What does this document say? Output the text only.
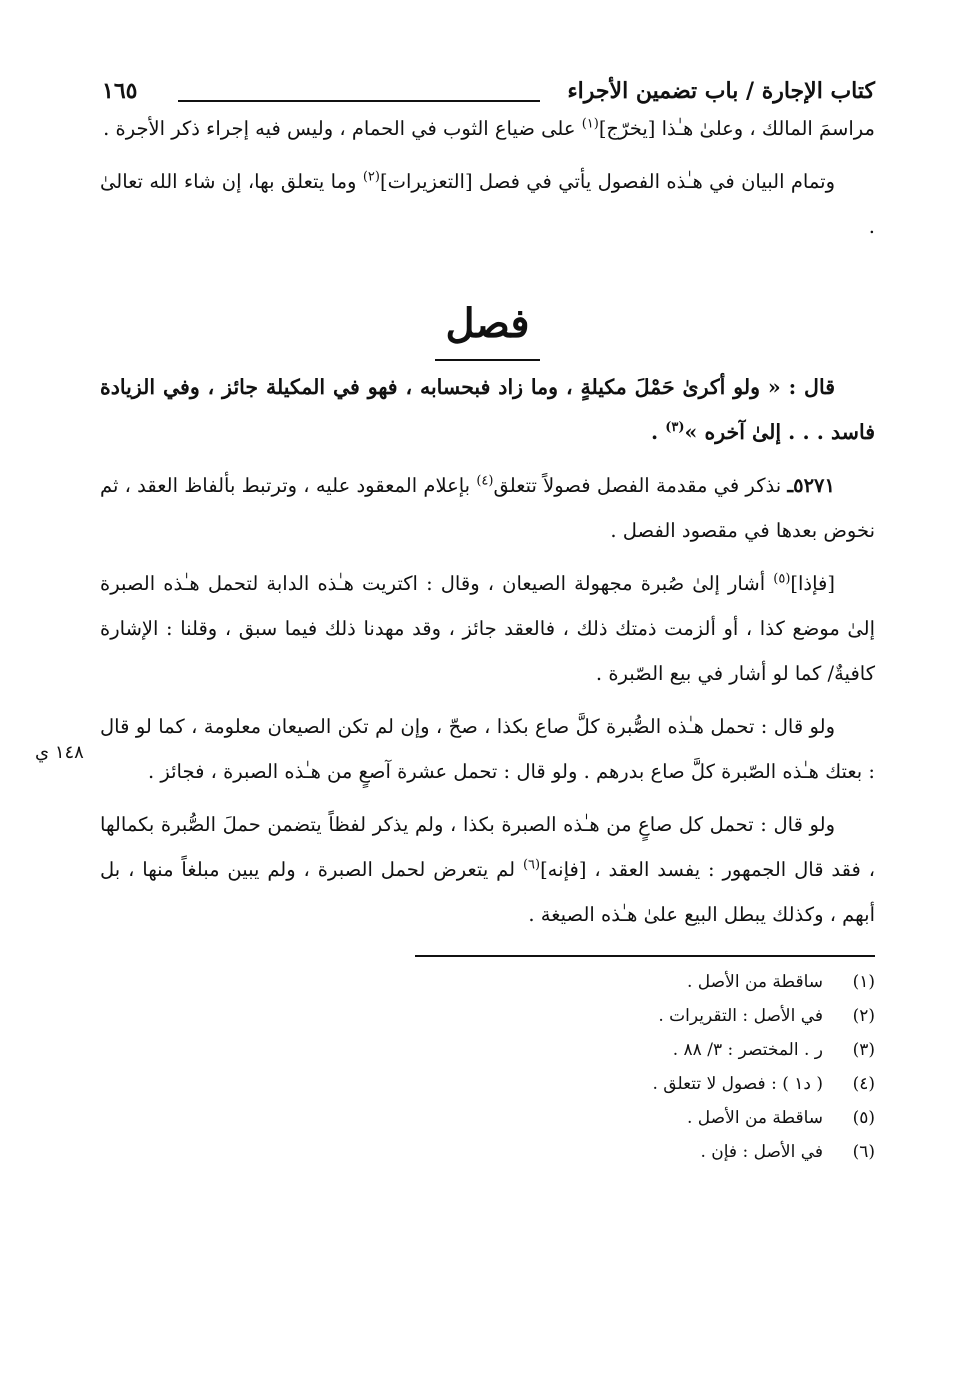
١٤٨ ي
كتاب الإجارة / باب تضمين الأجراء
١٦٥

مراسمَ المالك ، وعلىٰ هـٰذا [يخرّج]$^{(١)}$ على ضياع الثوب في الحمام ، وليس فيه إجراء ذكر الأجرة .

وتمام البيان في هـٰذه الفصول يأتي في فصل [التعزيرات]$^{(٢)}$ وما يتعلق بها، إن شاء الله تعالىٰ .

فصل

قال : « ولو أكرىٰ حَمْلَ مكيلةٍ ، وما زاد فبحسابه ، فهو في المكيلة جائز ، وفي الزيادة فاسد . . . إلىٰ آخره »$^{(٣)}$ .

٥٢٧١ـ نذكر في مقدمة الفصل فصولاً تتعلق$^{(٤)}$ بإعلام المعقود عليه ، وترتبط بألفاظ العقد ، ثم نخوض بعدها في مقصود الفصل .

[فإذا]$^{(٥)}$ أشار إلىٰ صُبرة مجهولة الصيعان ، وقال : اكتريت هـٰذه الدابة لتحمل هـٰذه الصبرة إلىٰ موضع كذا ، أو ألزمت ذمتك ذلك ، فالعقد جائز ، وقد مهدنا ذلك فيما سبق ، وقلنا : الإشارة كافيةٌ/ كما لو أشار في بيع الصّبرة .

ولو قال : تحمل هـٰذه الصُّبرة كلَّ صاع بكذا ، صحّ ، وإن لم تكن الصيعان معلومة ، كما لو قال : بعتك هـٰذه الصّبرة كلَّ صاع بدرهم . ولو قال : تحمل عشرة آصعٍ من هـٰذه الصبرة ، فجائز .

ولو قال : تحمل كل صاعٍ من هـٰذه الصبرة بكذا ، ولم يذكر لفظاً يتضمن حملَ الصُّبرة بكمالها ، فقد قال الجمهور : يفسد العقد ، [فإنه]$^{(٦)}$ لم يتعرض لحمل الصبرة ، ولم يبين مبلغاً منها ، بل أبهم ، وكذلك يبطل البيع علىٰ هـٰذه الصيغة .

(١)ساقطة من الأصل .
(٢)في الأصل : التقريرات .
(٣)ر . المختصر : ٣/ ٨٨ .
(٤)( د١ ) : فصول لا تتعلق .
(٥)ساقطة من الأصل .
(٦)في الأصل : فإن .
